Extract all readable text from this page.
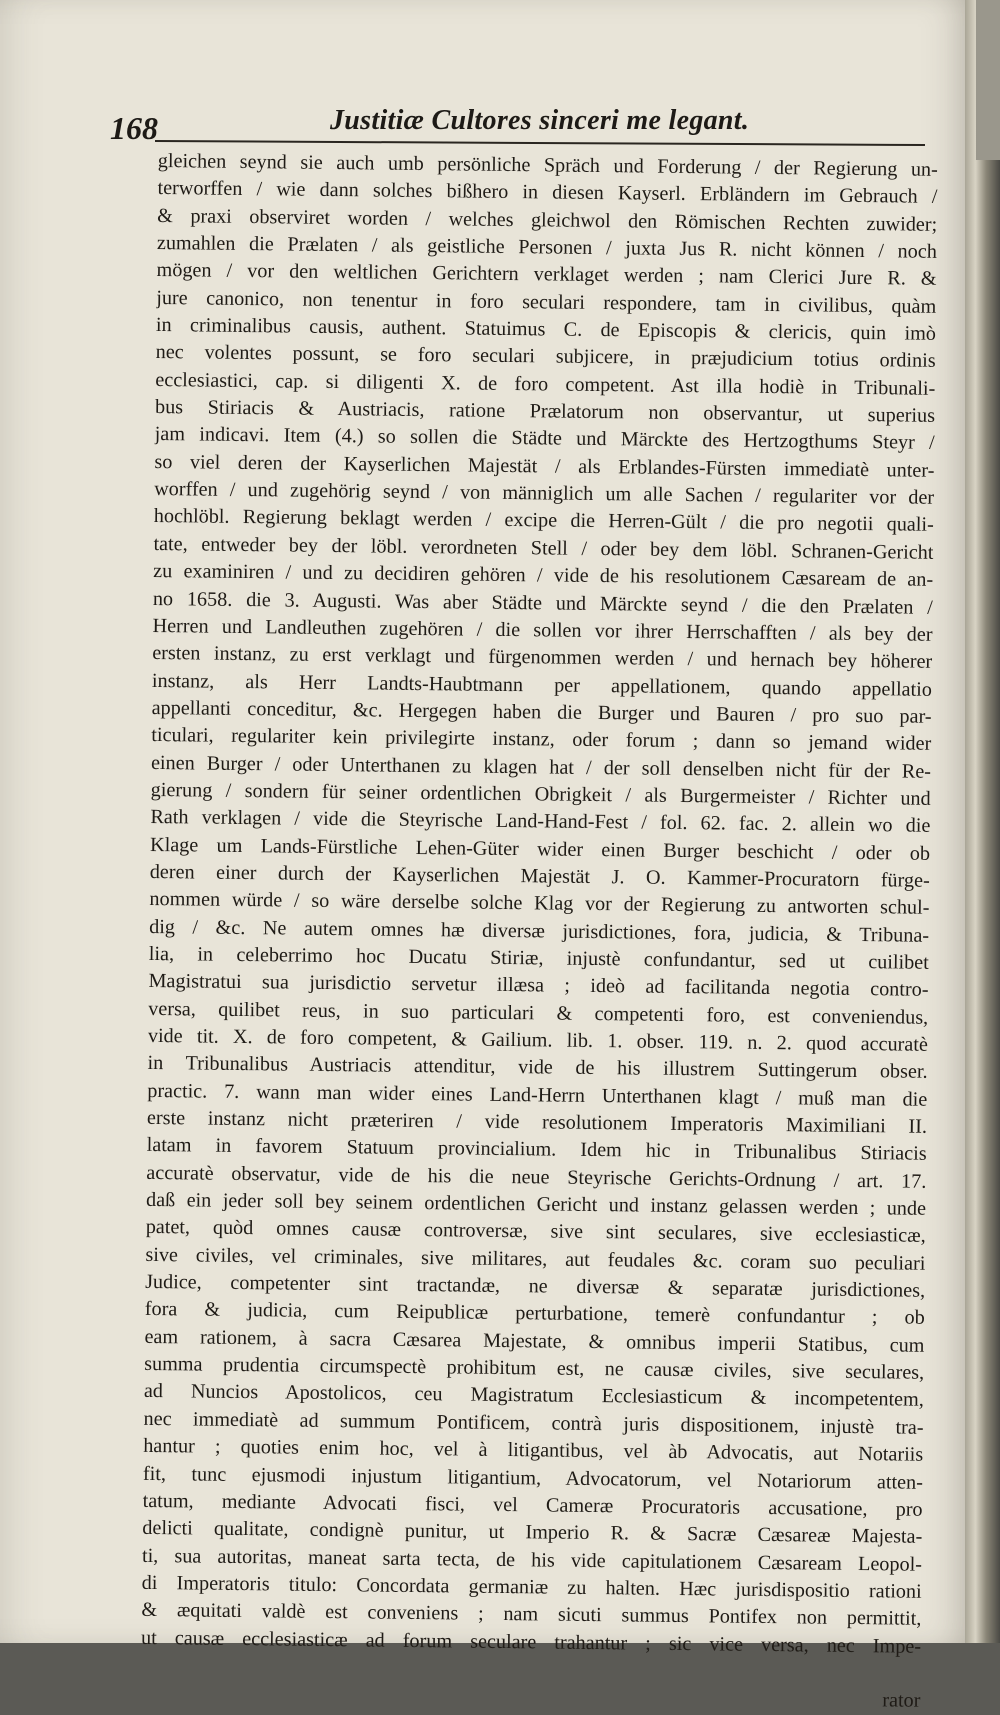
168	Justitiæ Cultores sinceri me legant.
gleichen seynd sie auch umb persönliche Spräch und Forderung / der Regierung un-
terworffen / wie dann solches bißhero in diesen Kayserl. Erbländern im Gebrauch /
& praxi observiret worden / welches gleichwol den Römischen Rechten zuwider;
zumahlen die Prælaten / als geistliche Personen / juxta Jus R. nicht können / noch
mögen / vor den weltlichen Gerichtern verklaget werden ; nam Clerici Jure R. &
jure canonico, non tenentur in foro seculari respondere, tam in civilibus, quàm
in criminalibus causis, authent. Statuimus C. de Episcopis & clericis, quin imò
nec volentes possunt, se foro seculari subjicere, in præjudicium totius ordinis
ecclesiastici, cap. si diligenti X. de foro competent. Ast illa hodiè in Tribunali-
bus Stiriacis & Austriacis, ratione Prælatorum non observantur, ut superius
jam indicavi. Item (4.) so sollen die Städte und Märckte des Hertzogthums Steyr /
so viel deren der Kayserlichen Majestät / als Erblandes-Fürsten immediatè unter-
worffen / und zugehörig seynd / von männiglich um alle Sachen / regulariter vor der
hochlöbl. Regierung beklagt werden / excipe die Herren-Gült / die pro negotii quali-
tate, entweder bey der löbl. verordneten Stell / oder bey dem löbl. Schranen-Gericht
zu examiniren / und zu decidiren gehören / vide de his resolutionem Cæsaream de an-
no 1658. die 3. Augusti. Was aber Städte und Märckte seynd / die den Prælaten /
Herren und Landleuthen zugehören / die sollen vor ihrer Herrschafften / als bey der
ersten instanz, zu erst verklagt und fürgenommen werden / und hernach bey höherer
instanz, als Herr Landts-Haubtmann per appellationem, quando appellatio
appellanti conceditur, &c. Hergegen haben die Burger und Bauren / pro suo par-
ticulari, regulariter kein privilegirte instanz, oder forum ; dann so jemand wider
einen Burger / oder Unterthanen zu klagen hat / der soll denselben nicht für der Re-
gierung / sondern für seiner ordentlichen Obrigkeit / als Burgermeister / Richter und
Rath verklagen / vide die Steyrische Land-Hand-Fest / fol. 62. fac. 2. allein wo die
Klage um Lands-Fürstliche Lehen-Güter wider einen Burger beschicht / oder ob
deren einer durch der Kayserlichen Majestät J. O. Kammer-Procuratorn fürge-
nommen würde / so wäre derselbe solche Klag vor der Regierung zu antworten schul-
dig / &c. Ne autem omnes hæ diversæ jurisdictiones, fora, judicia, & Tribuna-
lia, in celeberrimo hoc Ducatu Stiriæ, injustè confundantur, sed ut cuilibet
Magistratui sua jurisdictio servetur illæsa ; ideò ad facilitanda negotia contro-
versa, quilibet reus, in suo particulari & competenti foro, est conveniendus,
vide tit. X. de foro competent, & Gailium. lib. 1. obser. 119. n. 2. quod accuratè
in Tribunalibus Austriacis attenditur, vide de his illustrem Suttingerum obser.
practic. 7. wann man wider eines Land-Herrn Unterthanen klagt / muß man die
erste instanz nicht præteriren / vide resolutionem Imperatoris Maximiliani II.
latam in favorem Statuum provincialium. Idem hic in Tribunalibus Stiriacis
accuratè observatur, vide de his die neue Steyrische Gerichts-Ordnung / art. 17.
daß ein jeder soll bey seinem ordentlichen Gericht und instanz gelassen werden ; unde
patet, quòd omnes causæ controversæ, sive sint seculares, sive ecclesiasticæ,
sive civiles, vel criminales, sive militares, aut feudales &c. coram suo peculiari
Judice, competenter sint tractandæ, ne diversæ & separatæ jurisdictiones,
fora & judicia, cum Reipublicæ perturbatione, temerè confundantur ; ob
eam rationem, à sacra Cæsarea Majestate, & omnibus imperii Statibus, cum
summa prudentia circumspectè prohibitum est, ne causæ civiles, sive seculares,
ad Nuncios Apostolicos, ceu Magistratum Ecclesiasticum & incompetentem,
nec immediatè ad summum Pontificem, contrà juris dispositionem, injustè tra-
hantur ; quoties enim hoc, vel à litigantibus, vel àb Advocatis, aut Notariis
fit, tunc ejusmodi injustum litigantium, Advocatorum, vel Notariorum atten-
tatum, mediante Advocati fisci, vel Cameræ Procuratoris accusatione, pro
delicti qualitate, condignè punitur, ut Imperio R. & Sacræ Cæsareæ Majesta-
ti, sua autoritas, maneat sarta tecta, de his vide capitulationem Cæsaream Leopol-
di Imperatoris titulo: Concordata germaniæ zu halten. Hæc jurisdispositio rationi
& æquitati valdè est conveniens ; nam sicuti summus Pontifex non permittit,
ut causæ ecclesiasticæ ad forum seculare trahantur ; sic vice versa, nec Impe-
rator
